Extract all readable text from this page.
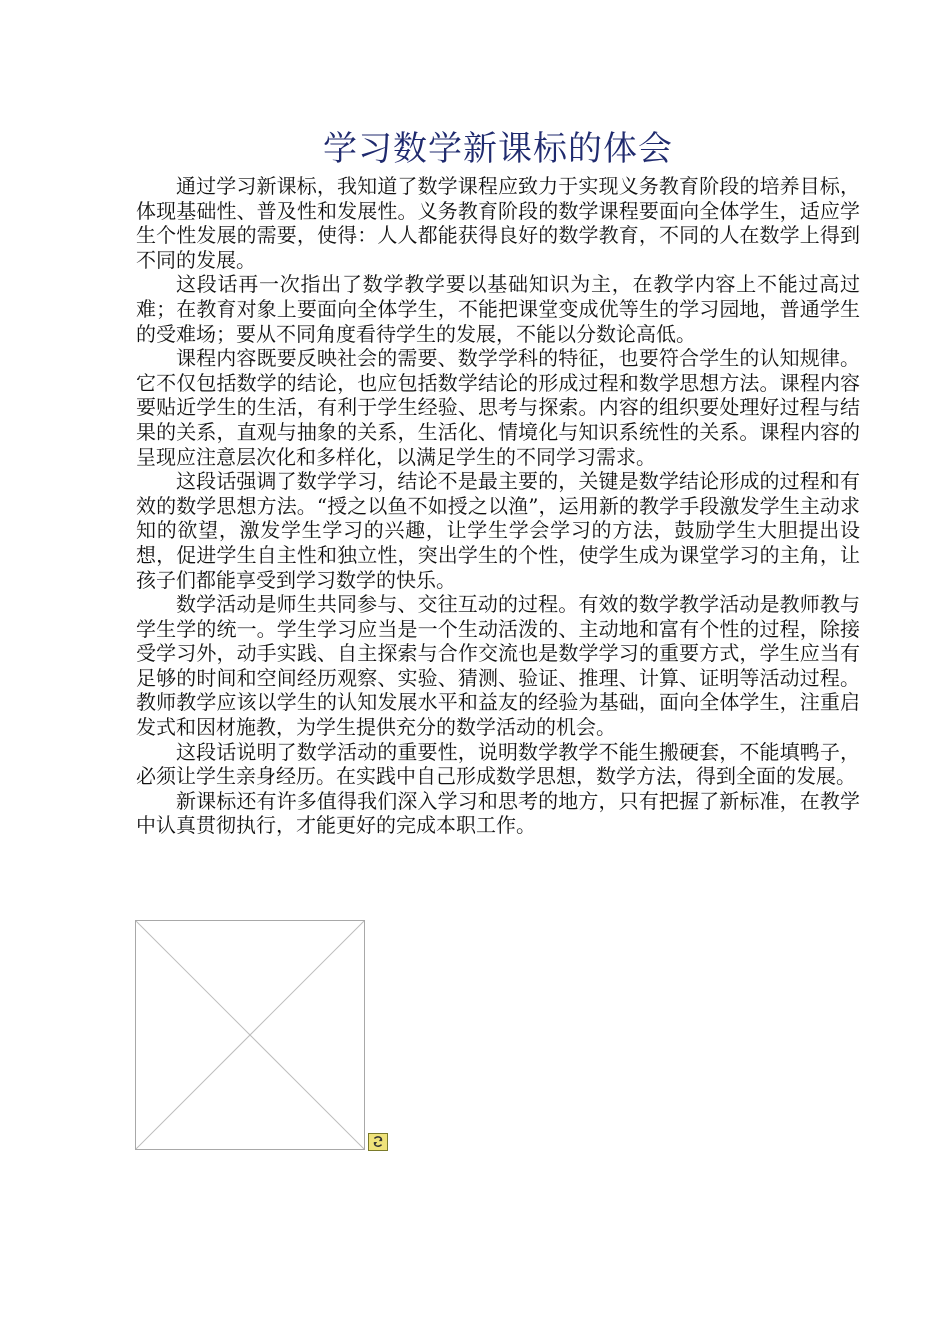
学习数学新课标的体会

通过学习新课标，我知道了数学课程应致力于实现义务教育阶段的培养目标，体现基础性、普及性和发展性。义务教育阶段的数学课程要面向全体学生，适应学生个性发展的需要，使得：人人都能获得良好的数学教育，不同的人在数学上得到不同的发展。

这段话再一次指出了数学教学要以基础知识为主，在教学内容上不能过高过难；在教育对象上要面向全体学生，不能把课堂变成优等生的学习园地，普通学生的受难场；要从不同角度看待学生的发展，不能以分数论高低。

课程内容既要反映社会的需要、数学学科的特征，也要符合学生的认知规律。它不仅包括数学的结论，也应包括数学结论的形成过程和数学思想方法。课程内容要贴近学生的生活，有利于学生经验、思考与探索。内容的组织要处理好过程与结果的关系，直观与抽象的关系，生活化、情境化与知识系统性的关系。课程内容的呈现应注意层次化和多样化，以满足学生的不同学习需求。

这段话强调了数学学习，结论不是最主要的，关键是数学结论形成的过程和有效的数学思想方法。“授之以鱼不如授之以渔”，运用新的教学手段激发学生主动求知的欲望，激发学生学习的兴趣，让学生学会学习的方法，鼓励学生大胆提出设想，促进学生自主性和独立性，突出学生的个性，使学生成为课堂学习的主角，让孩子们都能享受到学习数学的快乐。

数学活动是师生共同参与、交往互动的过程。有效的数学教学活动是教师教与学生学的统一。学生学习应当是一个生动活泼的、主动地和富有个性的过程，除接受学习外，动手实践、自主探索与合作交流也是数学学习的重要方式，学生应当有足够的时间和空间经历观察、实验、猜测、验证、推理、计算、证明等活动过程。教师教学应该以学生的认知发展水平和益友的经验为基础，面向全体学生，注重启发式和因材施教，为学生提供充分的数学活动的机会。

这段话说明了数学活动的重要性，说明数学教学不能生搬硬套，不能填鸭子，必须让学生亲身经历。在实践中自己形成数学思想，数学方法，得到全面的发展。

新课标还有许多值得我们深入学习和思考的地方，只有把握了新标准，在教学中认真贯彻执行，才能更好的完成本职工作。
